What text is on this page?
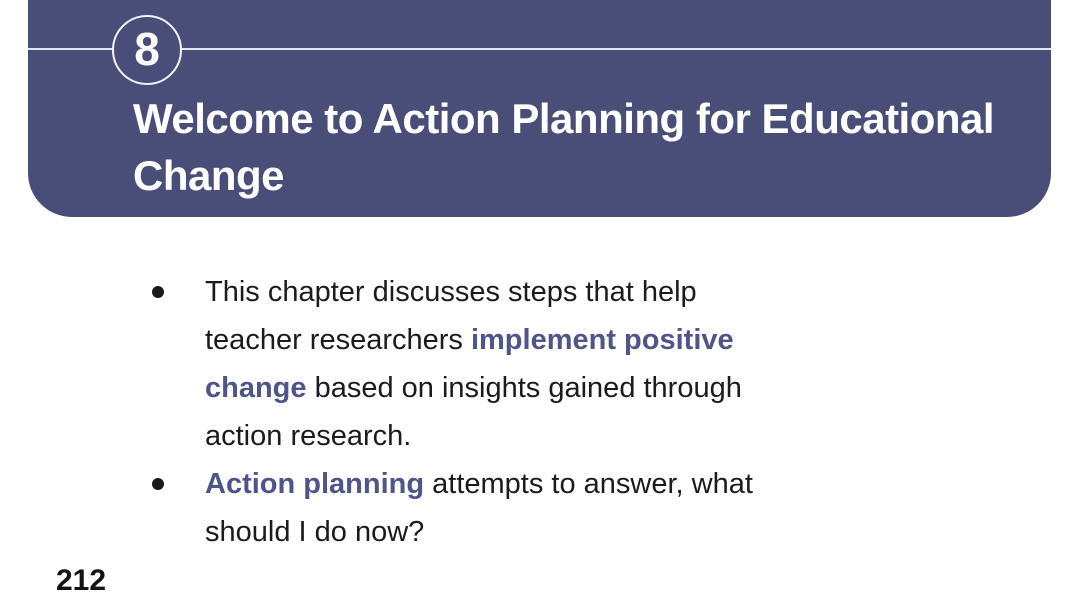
8
Welcome to Action Planning for Educational
Change
This chapter discusses steps that help
teacher researchers implement positive
change based on insights gained through
action research.
Action planning attempts to answer, what
should I do now?
212
